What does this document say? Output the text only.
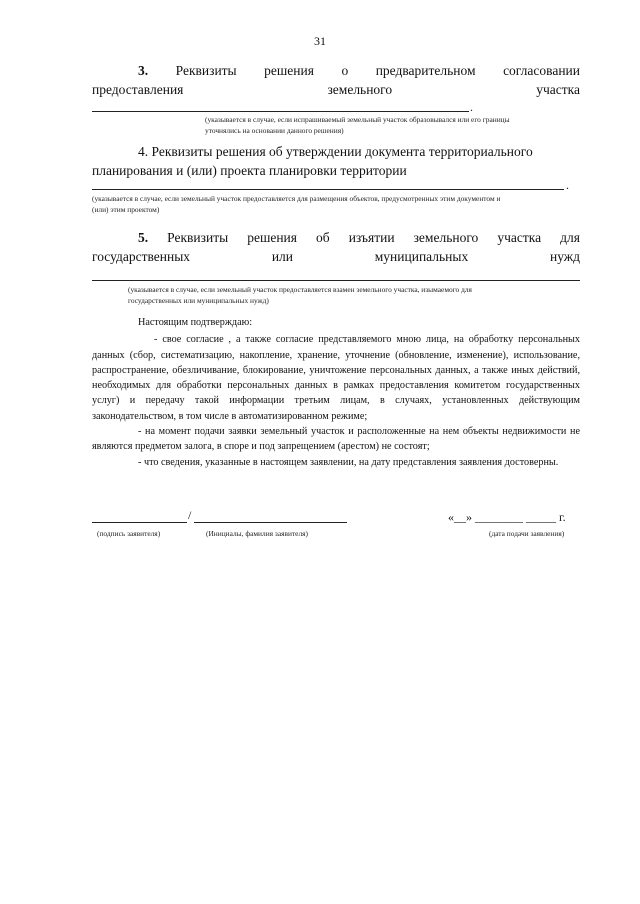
31
3. Реквизиты решения о предварительном согласовании
предоставления	земельного	участка
.
(указывается в случае, если испрашиваемый земельный участок образовывался или его границы
уточнялись на основании данного решения)
4. Реквизиты решения об утверждении документа территориального
планирования и (или) проекта планировки территории
.
(указывается в случае, если земельный участок предоставляется для размещения объектов, предусмотренных этим документом и
(или) этим проектом)
5. Реквизиты решения об изъятии земельного участка для
государственных	или	муниципальных	нужд
(указывается в случае, если земельный участок предоставляется взамен земельного участка, изымаемого для
государственных или муниципальных нужд)

Настоящим подтверждаю:

- свое согласие , а также согласие представляемого мною лица, на обработку персональных данных (сбор, систематизацию, накопление, хранение, уточнение (обновление, изменение), использование, распространение, обезличивание, блокирование, уничтожение персональных данных, а также иных действий, необходимых для обработки персональных данных в рамках предоставления комитетом государственных услуг) и передачу такой информации третьим лицам, в случаях, установленных действующим законодательством, в том числе в автоматизированном режиме;

- на момент подачи заявки земельный участок и расположенные на нем объекты недвижимости не являются предметом залога, в споре и под запрещением (арестом) не состоят;

- что сведения, указанные в настоящем заявлении, на дату представления заявления достоверны.

/	«__» ________ _____ г.
(подпись заявителя)	(Инициалы, фамилия заявителя)	(дата подачи заявления)
